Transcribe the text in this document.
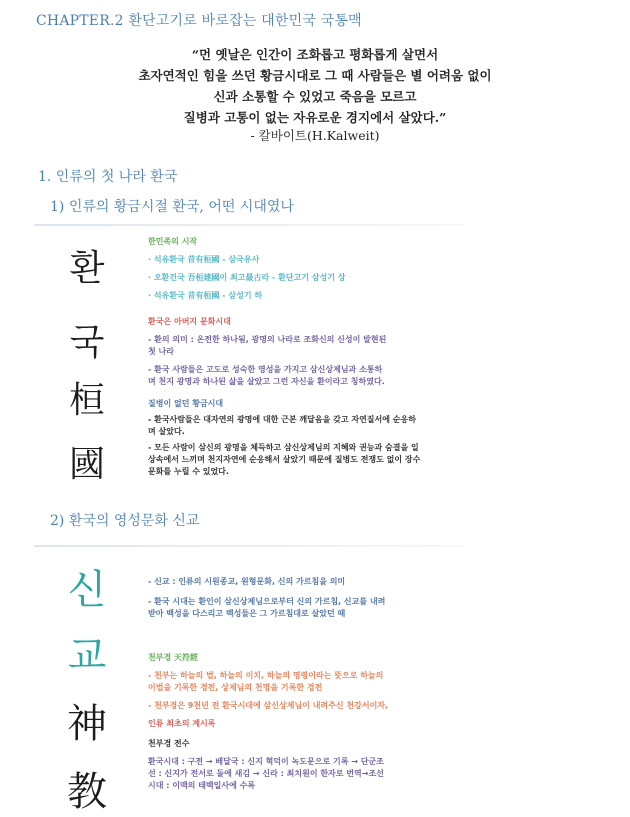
CHAPTER.2 환단고기로 바로잡는 대한민국 국통맥
“먼 옛날은 인간이 조화롭고 평화롭게 살면서
초자연적인 힘을 쓰던 황금시대로 그 때 사람들은 별 어려움 없이
신과 소통할 수 있었고 죽음을 모르고
질병과 고통이 없는 자유로운 경지에서 살았다.”
- 칼바이트(H.Kalweit)
1. 인류의 첫 나라 환국
1) 인류의 황금시절 환국, 어떤 시대였나
환
국
桓
國
한민족의 시작
· 석유환국 昔有桓國 - 삼국유사
· 오환건국 吾桓建國이 최고最古라 - 환단고기 삼성기 상
· 석유환국 昔有桓國 - 삼성기 하
환국은 아버지 문화시대
- 환의 의미 : 온전한 하나됨, 광명의 나라로 조화신의 신성이 발현된
첫 나라
- 환국 사람들은 고도로 성숙한 영성을 가지고 삼신상제님과 소통하
며 천지 광명과 하나된 삶을 살았고 그런 자신을 환이라고 칭하였다.
질병이 없던 황금시대
- 환국사람들은 대자연의 광명에 대한 근본 깨달음을 갖고 자연질서에 순응하
며 살았다.
- 모든 사람이 삼신의 광명을 체득하고 삼신상제님의 지혜와 권능과 숨결을 일
상속에서 느끼며 천지자연에 순응해서 살았기 때문에 질병도 전쟁도 없이 장수
문화를 누릴 수 있었다.
2) 환국의 영성문화 신교
신
교
神
教
- 신교 : 인류의 시원종교, 원형문화, 신의 가르침을 의미
- 환국 시대는 환인이 삼신상제님으로부터 신의 가르침, 신교를 내려
받아 백성을 다스리고 백성들은 그 가르침대로 살았던 때
천부경 天符經
- 천부는 하늘의 법, 하늘의 이치, 하늘의 명령이라는 뜻으로 하늘의
이법을 기록한 경전, 상제님의 천명을 기록한 경전
- 천부경은 9천년 전 환국시대에 삼신상제님이 내려주신 천강서이자,
인류 최초의 계시록
천부경 전수
환국시대 : 구전 → 배달국 : 신지 혁덕이 녹도문으로 기록 → 단군조
선 : 신지가 전서로 돌에 새김 → 신라 : 최치원이 한자로 번역→조선
시대 : 이맥의 태백일사에 수록
